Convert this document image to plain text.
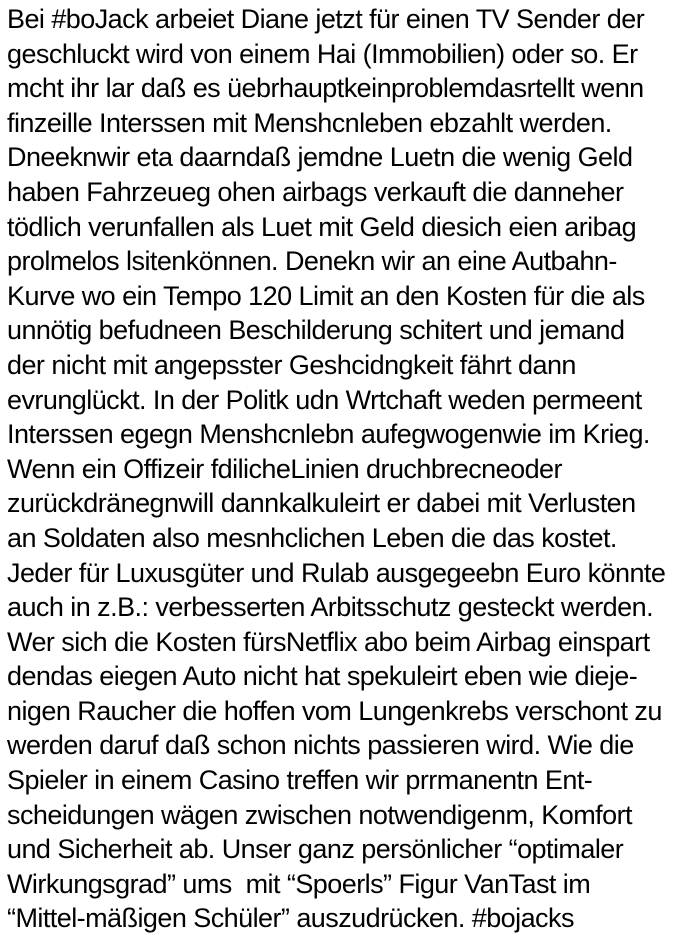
Bei #boJack arbeiet Diane jetzt für einen TV Sender der
geschluckt wird von einem Hai (Immobilien) oder so. Er
mcht ihr lar daß es üebrhauptkeinproblemdasrtellt wenn
finzeille Interssen mit Menshcnleben ebzahlt werden.
Dneeknwir eta daarndaß jemdne Luetn die wenig Geld
haben Fahrzeueg ohen airbags verkauft die danneher
tödlich verunfallen als Luet mit Geld diesich eien aribag
prolmelos lsitenkönnen. Denekn wir an eine Autbahn-
Kurve wo ein Tempo 120 Limit an den Kosten für die als
unnötig befudneen Beschilderung schitert und jemand
der nicht mit angepsster Geshcidngkeit fährt dann
evrunglückt. In der Politk udn Wrtchaft weden permeent
Interssen egegn Menshcnlebn aufegwogenwie im Krieg.
Wenn ein Offizeir fdilicheLinien druchbrecneoder
zurückdränegnwill dannkalkuleirt er dabei mit Verlusten
an Soldaten also mesnhclichen Leben die das kostet.
Jeder für Luxusgüter und Rulab ausgegeebn Euro könnte
auch in z.B.: verbesserten Arbitsschutz gesteckt werden.
Wer sich die Kosten fürsNetflix abo beim Airbag einspart
dendas eiegen Auto nicht hat spekuleirt eben wie dieje-
nigen Raucher die hoffen vom Lungenkrebs verschont zu
werden daruf daß schon nichts passieren wird. Wie die
Spieler in einem Casino treffen wir prrmanentn Ent-
scheidungen wägen zwischen notwendigenm, Komfort
und Sicherheit ab. Unser ganz persönlicher “optimaler
Wirkungsgrad” ums  mit “Spoerls” Figur VanTast im
“Mittel-mäßigen Schüler” auszudrücken. #bojacks
